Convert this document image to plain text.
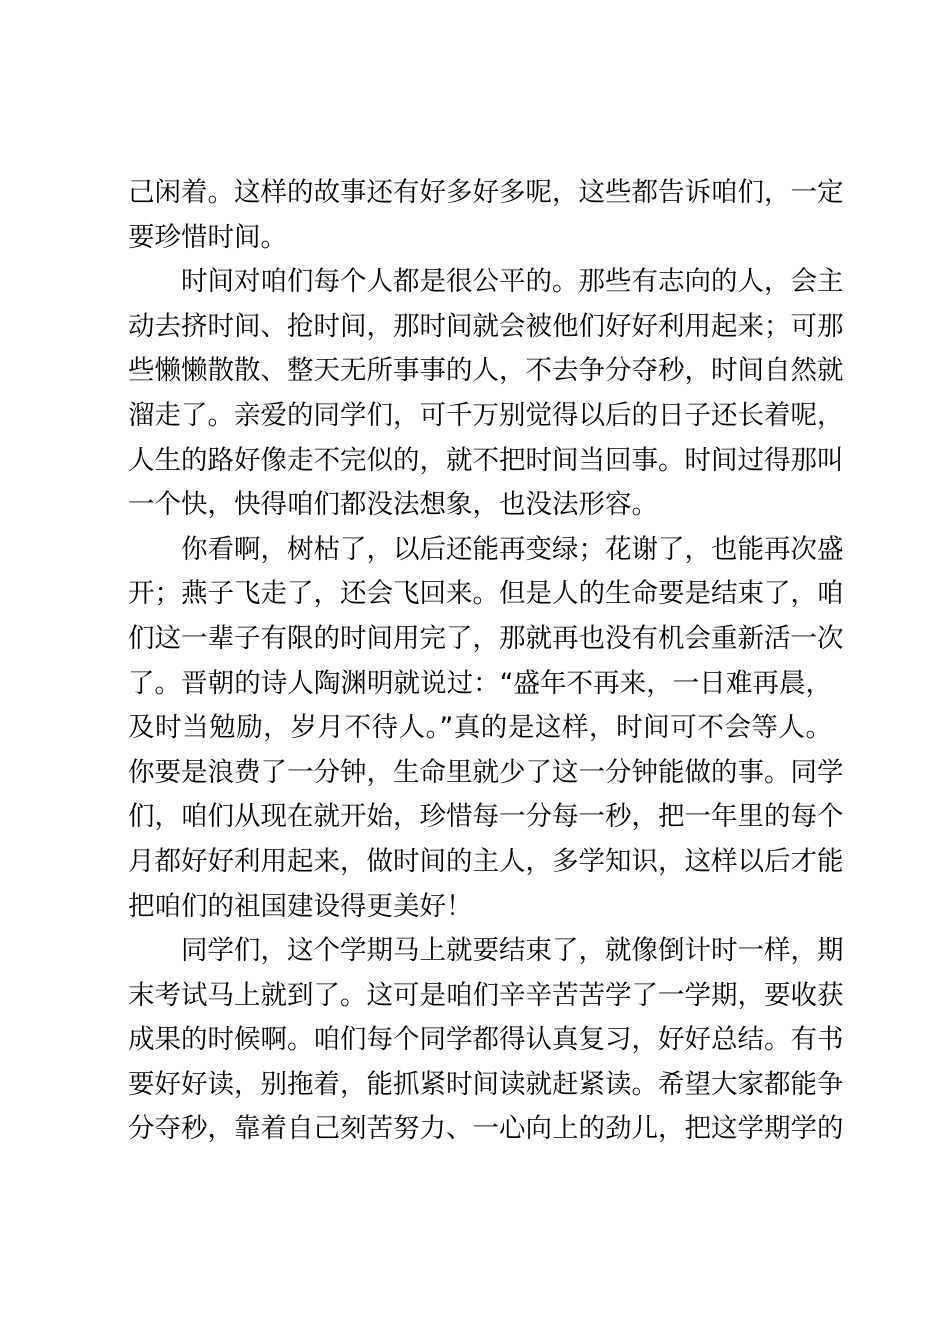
己闲着。这样的故事还有好多好多呢，这些都告诉咱们，一定
要珍惜时间。
时间对咱们每个人都是很公平的。那些有志向的人，会主
动去挤时间、抢时间，那时间就会被他们好好利用起来；可那
些懒懒散散、整天无所事事的人，不去争分夺秒，时间自然就
溜走了。亲爱的同学们，可千万别觉得以后的日子还长着呢，
人生的路好像走不完似的，就不把时间当回事。时间过得那叫
一个快，快得咱们都没法想象，也没法形容。
你看啊，树枯了，以后还能再变绿；花谢了，也能再次盛
开；燕子飞走了，还会飞回来。但是人的生命要是结束了，咱
们这一辈子有限的时间用完了，那就再也没有机会重新活一次
了。晋朝的诗人陶渊明就说过：“盛年不再来，一日难再晨，
及时当勉励，岁月不待人。”真的是这样，时间可不会等人。
你要是浪费了一分钟，生命里就少了这一分钟能做的事。同学
们，咱们从现在就开始，珍惜每一分每一秒，把一年里的每个
月都好好利用起来，做时间的主人，多学知识，这样以后才能
把咱们的祖国建设得更美好！
同学们，这个学期马上就要结束了，就像倒计时一样，期
末考试马上就到了。这可是咱们辛辛苦苦学了一学期，要收获
成果的时候啊。咱们每个同学都得认真复习，好好总结。有书
要好好读，别拖着，能抓紧时间读就赶紧读。希望大家都能争
分夺秒，靠着自己刻苦努力、一心向上的劲儿，把这学期学的
